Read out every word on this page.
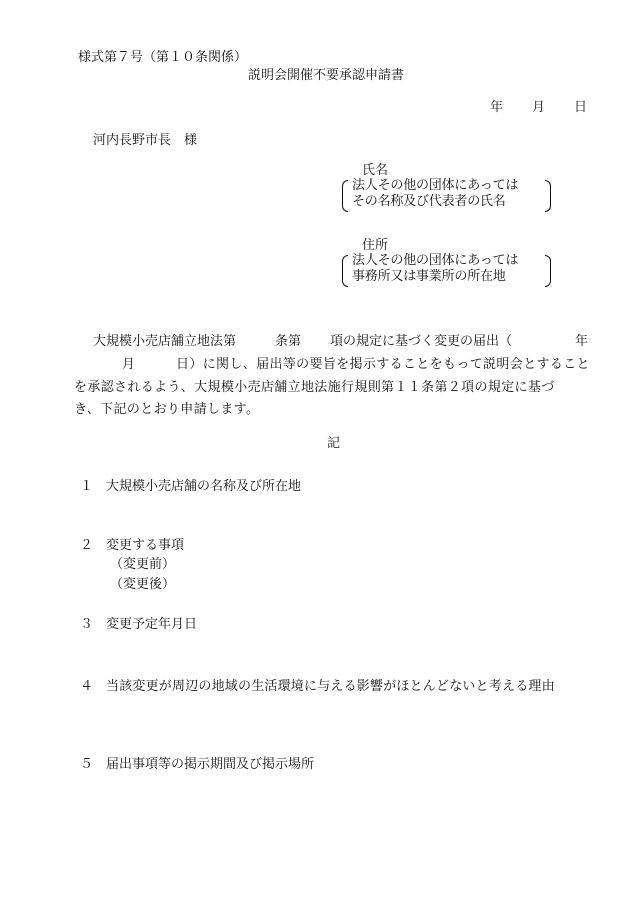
様式第７号（第１０条関係）
説明会開催不要承認申請書
年 月 日
河内長野市長　様
氏名
法人その他の団体にあっては
その名称及び代表者の氏名
住所
法人その他の団体にあっては
事務所又は事業所の所在地
大規模小売店舗立地法第	条第 項の規定に基づく変更の届出（	年
月	日）に関し、届出等の要旨を掲示することをもって説明会とすること
を承認されるよう、大規模小売店舗立地法施行規則第１１条第２項の規定に基づ
き、下記のとおり申請します。
記
１ 大規模小売店舗の名称及び所在地
２ 変更する事項
（変更前）
（変更後）
３ 変更予定年月日
４ 当該変更が周辺の地域の生活環境に与える影響がほとんどないと考える理由
５ 届出事項等の掲示期間及び掲示場所
